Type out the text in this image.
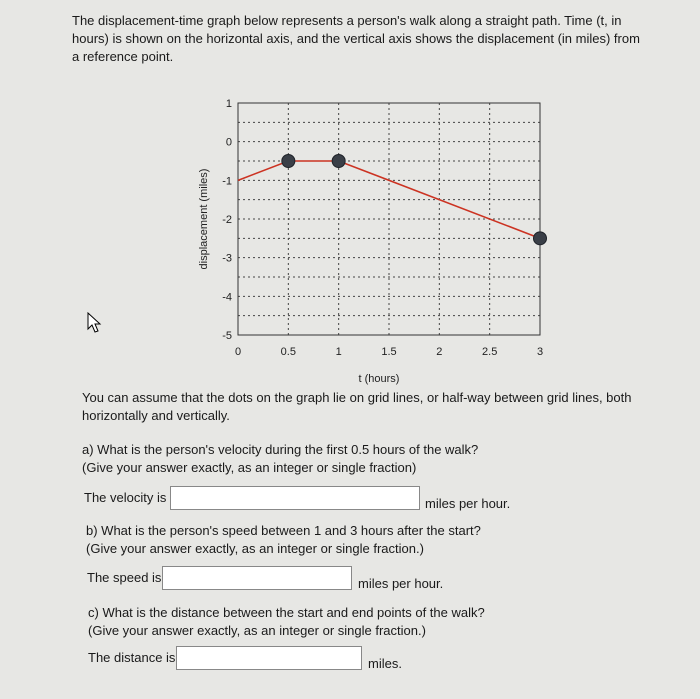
The displacement-time graph below represents a person's walk along a straight path. Time (t, in
hours) is shown on the horizontal axis, and the vertical axis shows the displacement (in miles) from
a reference point.
1
0
-1
-2
-3
-4
-5
0	0.5	1	1.5	2	2.5	3
displacement (miles)
t (hours)
You can assume that the dots on the graph lie on grid lines, or half-way between grid lines, both
horizontally and vertically.
a) What is the person's velocity during the first 0.5 hours of the walk?
(Give your answer exactly, as an integer or single fraction)
The velocity is	miles per hour.
b) What is the person's speed between 1 and 3 hours after the start?
(Give your answer exactly, as an integer or single fraction.)
The speed is	miles per hour.
c) What is the distance between the start and end points of the walk?
(Give your answer exactly, as an integer or single fraction.)
The distance is	miles.
